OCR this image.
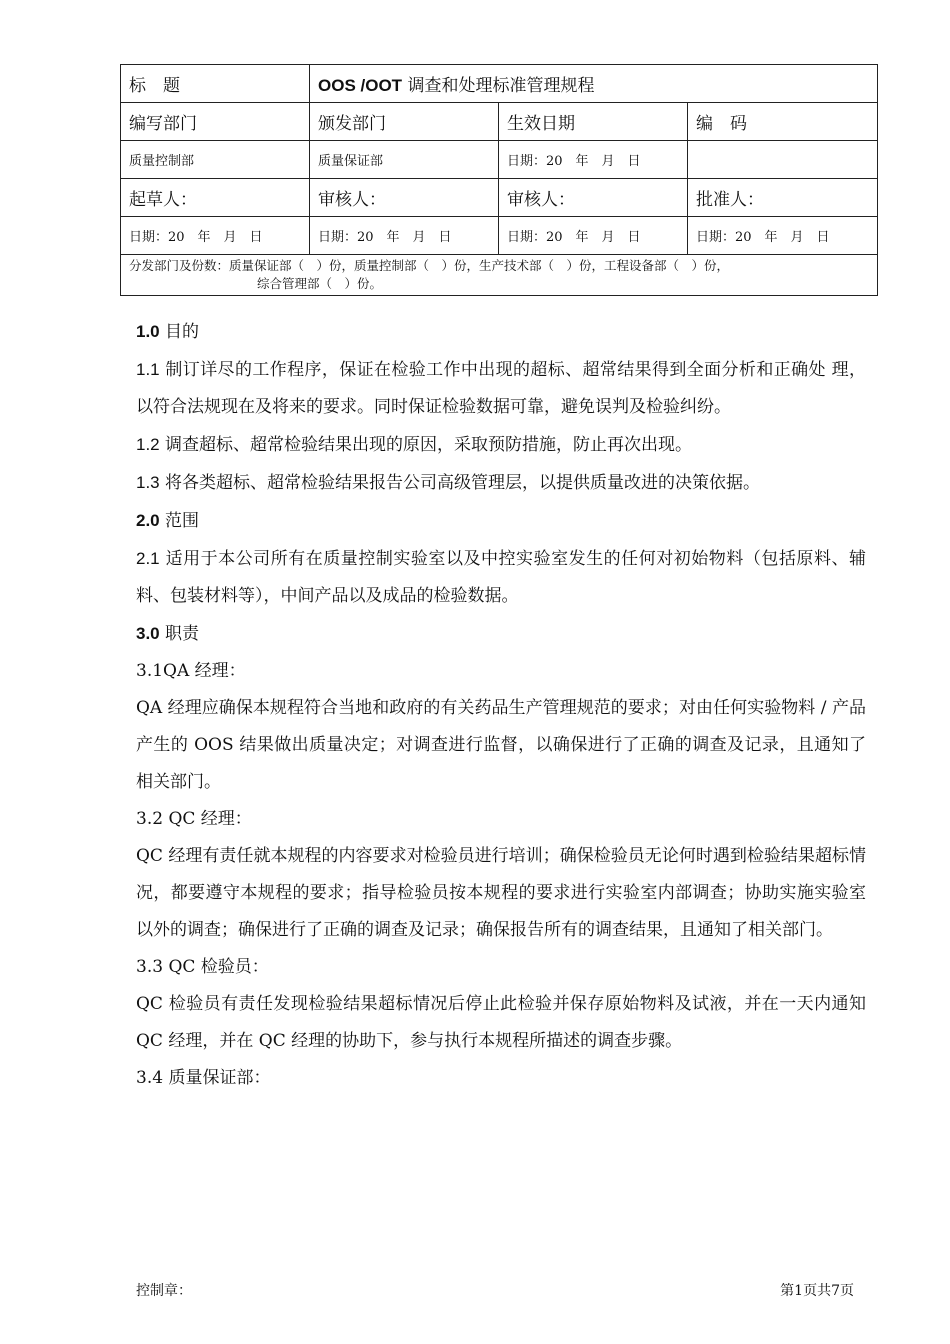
标　题	OOS /OOT 调查和处理标准管理规程		
编写部门	颁发部门	生效日期	编　码
质量控制部	质量保证部	日期：20　年　月　日	
起草人：	审核人：	审核人：	批准人：
日期：20　年　月　日	日期：20　年　月　日	日期：20　年　月　日	日期：20　年　月　日

分发部门及份数：质量保证部（　）份，质量控制部（　）份，生产技术部（　）份，工程设备部（　）份，
综合管理部（　）份。			

1.0 目的

1.1 制订详尽的工作程序，保证在检验工作中出现的超标、超常结果得到全面分析和正确处 理，以符合法规现在及将来的要求。同时保证检验数据可靠，避免误判及检验纠纷。

1.2 调查超标、超常检验结果出现的原因，采取预防措施，防止再次出现。

1.3 将各类超标、超常检验结果报告公司高级管理层，以提供质量改进的决策依据。

2.0 范围

2.1 适用于本公司所有在质量控制实验室以及中控实验室发生的任何对初始物料（包括原料、辅料、包装材料等），中间产品以及成品的检验数据。

3.0 职责

3.1QA 经理：

QA 经理应确保本规程符合当地和政府的有关药品生产管理规范的要求；对由任何实验物料 / 产品产生的 OOS 结果做出质量决定；对调查进行监督，以确保进行了正确的调查及记录，且通知了相关部门。

3.2 QC 经理：

QC 经理有责任就本规程的内容要求对检验员进行培训；确保检验员无论何时遇到检验结果超标情况，都要遵守本规程的要求；指导检验员按本规程的要求进行实验室内部调查；协助实施实验室以外的调查；确保进行了正确的调查及记录；确保报告所有的调查结果，且通知了相关部门。

3.3 QC 检验员：

QC 检验员有责任发现检验结果超标情况后停止此检验并保存原始物料及试液，并在一天内通知 QC 经理，并在 QC 经理的协助下，参与执行本规程所描述的调查步骤。

3.4 质量保证部：

控制章：	第1页共7页
